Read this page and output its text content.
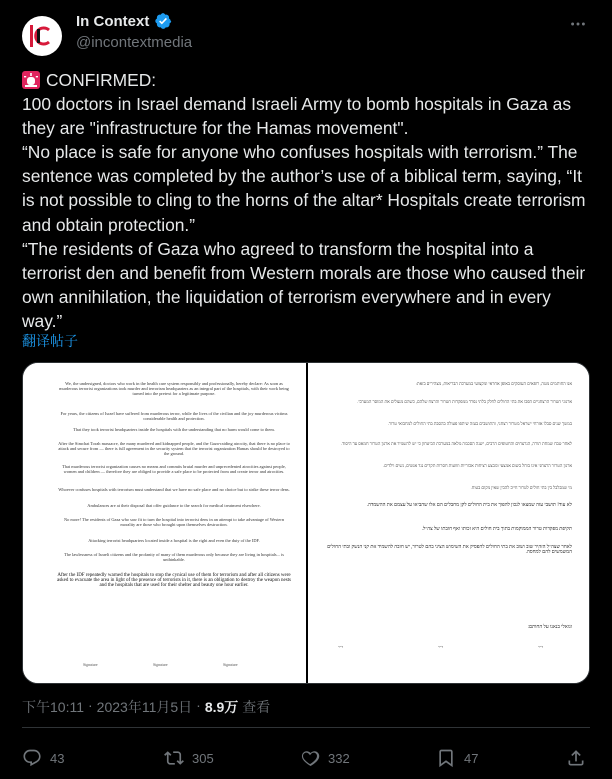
In Context
@incontextmedia
CONFIRMED:
100 doctors in Israel demand Israeli Army to bomb hospitals in Gaza as they are "infrastructure for the Hamas movement".
“No place is safe for anyone who confuses hospitals with terrorism.” The sentence was completed by the author’s use of a biblical term, saying, “It is not possible to cling to the horns of the altar* Hospitals create terrorism and obtain protection.”
“The residents of Gaza who agreed to transform the hospital into a terrorist den and benefit from Western morals are those who caused their own annihilation, the liquidation of terrorism everywhere and in every way.”
翻译帖子

We, the undersigned, doctors who work in the health care system responsibly and professionally, hereby declare: As soon as murderous terrorist organizations took murder and terrorism headquarters as an integral part of the hospitals, with their work being turned into the pretext for a legitimate purpose.

For years, the citizens of Israel have suffered from murderous terror, while the lives of the civilian and the joy murderous victims considerable health and protection.

That they took terrorist headquarters inside the hospitals with the understanding that no harm would come to them.

After the Simchat Torah massacre, the many murdered and kidnapped people, and the Gaza-raiding atrocity, that there is no place to attack and secure from — there is full agreement in the security system that the terrorist organization Hamas should be destroyed to the ground.

That murderous terrorist organization causes no means and commits brutal murder and unprecedented atrocities against people, women and children — therefore they are obliged to provide a safe place to be protected from and create terror and atrocities.

Whoever confuses hospitals with terrorism must understand that we have no safe place and no choice but to strike these terror dens.

Ambulances are at their disposal that offer guidance to the search for medical treatment elsewhere.

No more! The residents of Gaza who saw fit to turn the hospital into terrorist dens in an attempt to take advantage of Western morality are those who brought upon themselves destruction.

Attacking terrorist headquarters located inside a hospital is the right and even the duty of the IDF.

The lawlessness of Israeli citizens and the profanity of many of them murderous only because they are living in hospitals... is unthinkable.

After the IDF repeatedly warned the hospitals to stop the cynical use of them for terrorism and after all citizens were asked to evacuate the area in light of the presence of terrorists in it, there is an obligation to destroy the weapon nests and the hospitals that are used for their shelter and beauty one hour earlier.

Signature	Signature	Signature

אנו החותמים מטה, רופאים העוסקים באופן אחראי ומקצועי במערכת הבריאות, מצהירים בזאת:

ארגוני הטרור הרצחניים הפכו את בתי החולים לחלק בלתי נפרד ממפקדות הטרור והרצח שלהם, כשהם מנצלים את המוסר המערבי.

במשך שנים סבלו אזרחי ישראל מטרור רצחני, והתושבים בעזה שיתפו פעולה בהסבת בתי החולים למחבואי טרור.

לאחר טבח שמחת תורה, הנרצחים והחטופים הרבים, ישנה הסכמה מלאה במערכת הביטחון כי יש להשמיד את ארגון הטרור חמאס עד היסוד.

ארגון הטרור הרצחני אינו בוחל בשום אמצעי ומבצע רציחות אכזריות וזוועות חסרות תקדים נגד אנשים, נשים וילדים.

מי שמבלבל בין בתי חולים לטרור חייב להבין שאין מקום בטוח.

לא עוד! תושבי עזה שמצאו לנכון להפוך את בית החולים לקן מחבלים הם אלו שהביאו על עצמם את ההשמדה.

תקיפת מפקדות טרור הממוקמות בתוך בית חולים היא זכותו ואף חובתו של צה״ל.

לאחר שצה״ל הזהיר שוב ושוב את בתי החולים להפסיק את השימוש הציני בהם לטרור, יש חובה להשמיד את קני הנשק ובתי החולים המשמשים להם למחסה.

וגואלי בנאנו על החותם:

ד״ר	ד״ר	ד״ר
下午10:11 · 2023年11月5日 · 8.9万 查看
43	305	332	47
